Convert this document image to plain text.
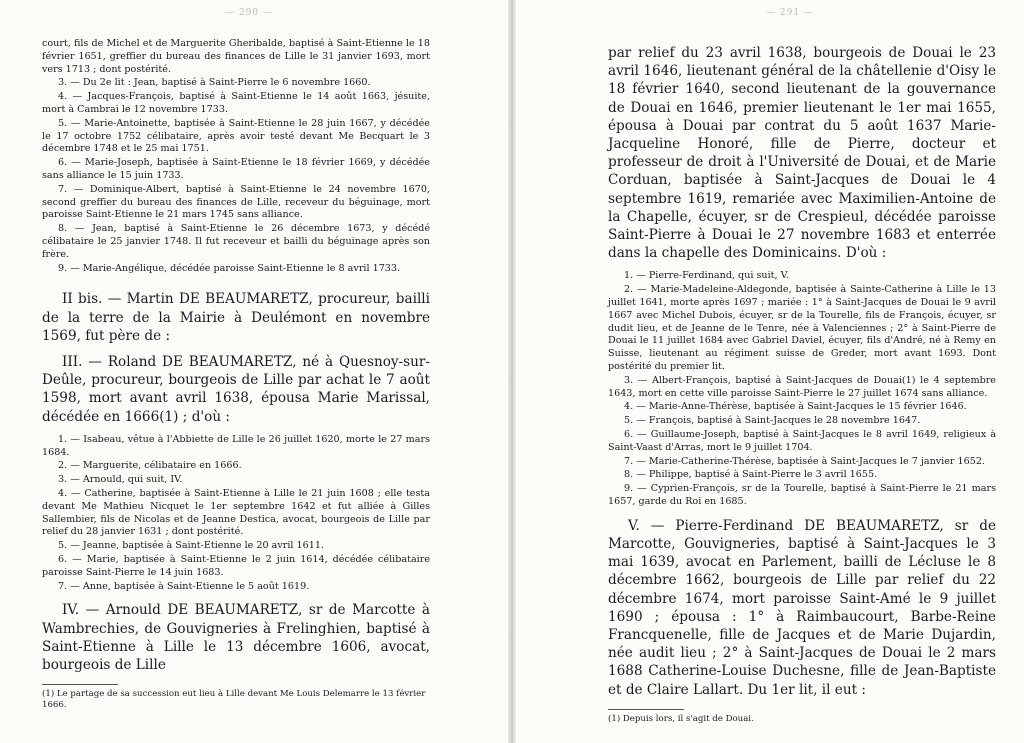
— 290 —

court, fils de Michel et de Marguerite Gheribalde, baptisé à Saint-Etienne le 18 février 1651, greffier du bureau des finances de Lille le 31 janvier 1693, mort vers 1713 ; dont postérité.

3. — Du 2e lit : Jean, baptisé à Saint-Pierre le 6 novembre 1660.

4. — Jacques-François, baptisé à Saint-Etienne le 14 août 1663, jésuite, mort à Cambrai le 12 novembre 1733.

5. — Marie-Antoinette, baptisée à Saint-Etienne le 28 juin 1667, y décédée le 17 octobre 1752 célibataire, après avoir testé devant Me Becquart le 3 décembre 1748 et le 25 mai 1751.

6. — Marie-Joseph, baptisée à Saint-Etienne le 18 février 1669, y décédée sans alliance le 15 juin 1733.

7. — Dominique-Albert, baptisé à Saint-Etienne le 24 novembre 1670, second greffier du bureau des finances de Lille, receveur du béguinage, mort paroisse Saint-Etienne le 21 mars 1745 sans alliance.

8. — Jean, baptisé à Saint-Etienne le 26 décembre 1673, y décédé célibataire le 25 janvier 1748. Il fut receveur et bailli du béguinage après son frère.

9. — Marie-Angélique, décédée paroisse Saint-Etienne le 8 avril 1733.

II bis. — Martin DE BEAUMARETZ, procureur, bailli de la terre de la Mairie à Deulémont en novembre 1569, fut père de :

III. — Roland DE BEAUMARETZ, né à Quesnoy-sur-Deûle, procureur, bourgeois de Lille par achat le 7 août 1598, mort avant avril 1638, épousa Marie Marissal, décédée en 1666(1) ; d'où :

1. — Isabeau, vêtue à l'Abbiette de Lille le 26 juillet 1620, morte le 27 mars 1684.

2. — Marguerite, célibataire en 1666.

3. — Arnould, qui suit, IV.

4. — Catherine, baptisée à Saint-Etienne à Lille le 21 juin 1608 ; elle testa devant Me Mathieu Nicquet le 1er septembre 1642 et fut alliée à Gilles Sallembier, fils de Nicolas et de Jeanne Destica, avocat, bourgeois de Lille par relief du 28 janvier 1631 ; dont postérité.

5. — Jeanne, baptisée à Saint-Etienne le 20 avril 1611.

6. — Marie, baptisée à Saint-Etienne le 2 juin 1614, décédée célibataire paroisse Saint-Pierre le 14 juin 1683.

7. — Anne, baptisée à Saint-Etienne le 5 août 1619.

IV. — Arnould DE BEAUMARETZ, sr de Marcotte à Wambrechies, de Gouvigneries à Frelinghien, baptisé à Saint-Etienne à Lille le 13 décembre 1606, avocat, bourgeois de Lille

(1) Le partage de sa succession eut lieu à Lille devant Me Louis Delemarre le 13 février 1666.

— 291 —

par relief du 23 avril 1638, bourgeois de Douai le 23 avril 1646, lieutenant général de la châtellenie d'Oisy le 18 février 1640, second lieutenant de la gouvernance de Douai en 1646, premier lieutenant le 1er mai 1655, épousa à Douai par contrat du 5 août 1637 Marie-Jacqueline Honoré, fille de Pierre, docteur et professeur de droit à l'Université de Douai, et de Marie Corduan, baptisée à Saint-Jacques de Douai le 4 septembre 1619, remariée avec Maximilien-Antoine de la Chapelle, écuyer, sr de Crespieul, décédée paroisse Saint-Pierre à Douai le 27 novembre 1683 et enterrée dans la chapelle des Dominicains. D'où :

1. — Pierre-Ferdinand, qui suit, V.

2. — Marie-Madeleine-Aldegonde, baptisée à Sainte-Catherine à Lille le 13 juillet 1641, morte après 1697 ; mariée : 1° à Saint-Jacques de Douai le 9 avril 1667 avec Michel Dubois, écuyer, sr de la Tourelle, fils de François, écuyer, sr dudit lieu, et de Jeanne de le Tenre, née à Valenciennes ; 2° à Saint-Pierre de Douai le 11 juillet 1684 avec Gabriel Daviel, écuyer, fils d'André, né à Remy en Suisse, lieutenant au régiment suisse de Greder, mort avant 1693. Dont postérité du premier lit.

3. — Albert-François, baptisé à Saint-Jacques de Douai(1) le 4 septembre 1643, mort en cette ville paroisse Saint-Pierre le 27 juillet 1674 sans alliance.

4. — Marie-Anne-Thérèse, baptisée à Saint-Jacques le 15 février 1646.

5. — François, baptisé à Saint-Jacques le 28 novembre 1647.

6. — Guillaume-Joseph, baptisé à Saint-Jacques le 8 avril 1649, religieux à Saint-Vaast d'Arras, mort le 9 juillet 1704.

7. — Marie-Catherine-Thérèse, baptisée à Saint-Jacques le 7 janvier 1652.

8. — Philippe, baptisé à Saint-Pierre le 3 avril 1655.

9. — Cyprien-François, sr de la Tourelle, baptisé à Saint-Pierre le 21 mars 1657, garde du Roi en 1685.

V. — Pierre-Ferdinand DE BEAUMARETZ, sr de Marcotte, Gouvigneries, baptisé à Saint-Jacques le 3 mai 1639, avocat en Parlement, bailli de Lécluse le 8 décembre 1662, bourgeois de Lille par relief du 22 décembre 1674, mort paroisse Saint-Amé le 9 juillet 1690 ; épousa : 1° à Raimbaucourt, Barbe-Reine Francquenelle, fille de Jacques et de Marie Dujardin, née audit lieu ; 2° à Saint-Jacques de Douai le 2 mars 1688 Catherine-Louise Duchesne, fille de Jean-Baptiste et de Claire Lallart. Du 1er lit, il eut :

(1) Depuis lors, il s'agit de Douai.
